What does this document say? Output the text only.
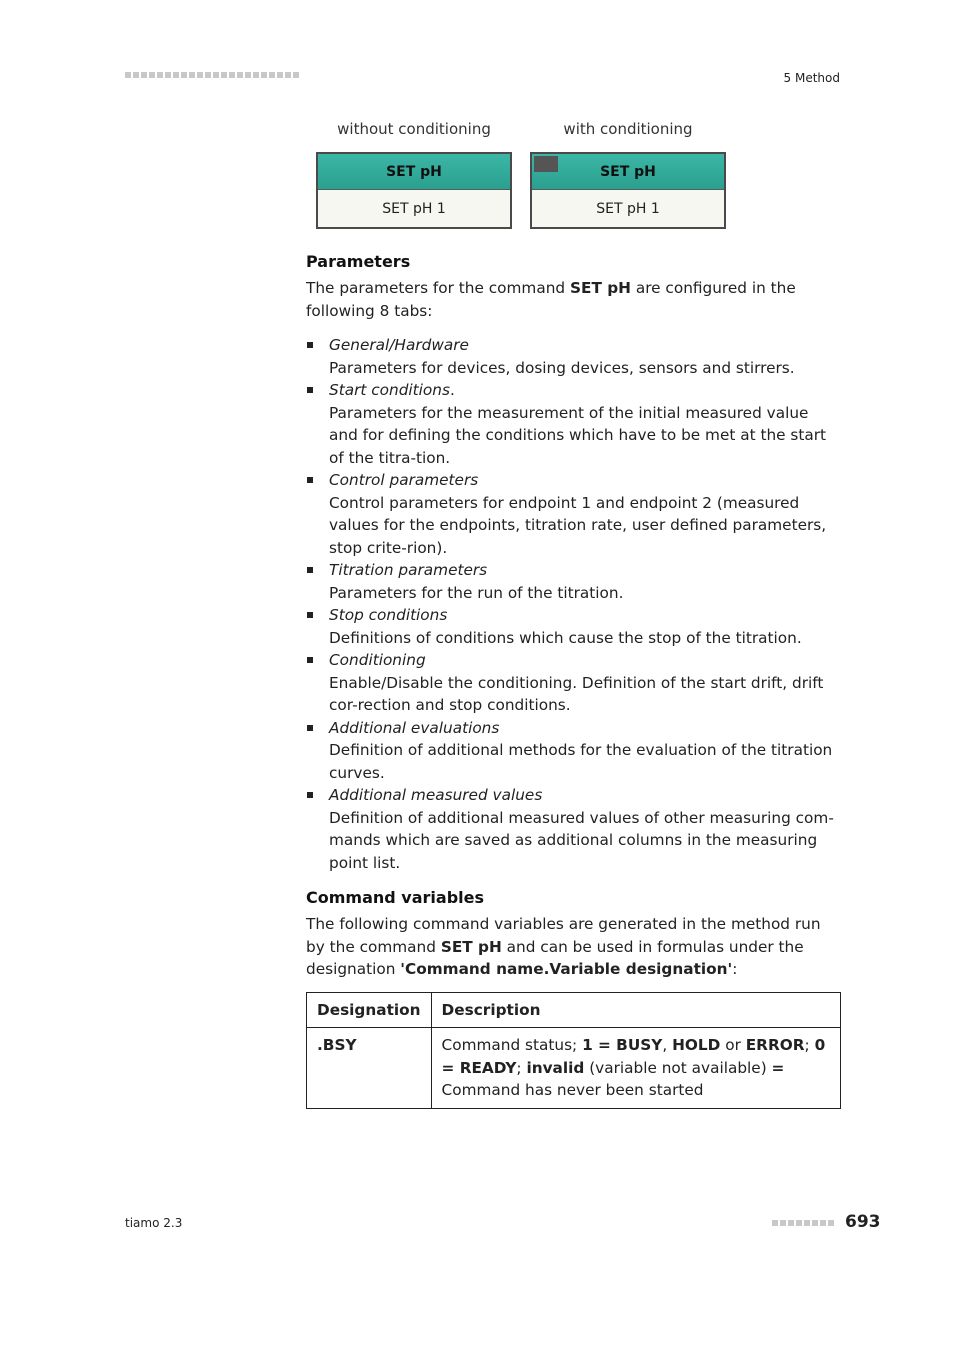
5 Method
without conditioning	with conditioning
SET pH
SET pH 1
SET pH
SET pH 1
Parameters

The parameters for the command SET pH are configured in the following 8 tabs:

General/Hardware
Parameters for devices, dosing devices, sensors and stirrers.
Start conditions.
Parameters for the measurement of the initial measured value and for defining the conditions which have to be met at the start of the titra-tion.
Control parameters
Control parameters for endpoint 1 and endpoint 2 (measured values for the endpoints, titration rate, user defined parameters, stop crite-rion).
Titration parameters
Parameters for the run of the titration.
Stop conditions
Definitions of conditions which cause the stop of the titration.
Conditioning
Enable/Disable the conditioning. Definition of the start drift, drift cor-rection and stop conditions.
Additional evaluations
Definition of additional methods for the evaluation of the titration curves.
Additional measured values
Definition of additional measured values of other measuring com-mands which are saved as additional columns in the measuring point list.
Command variables

The following command variables are generated in the method run by the command SET pH and can be used in formulas under the designation 'Command name.Variable designation':

Designation	Description
.BSY	Command status; 1 = BUSY, HOLD or ERROR; 0 = READY; invalid (variable not available) = Command has never been started
tiamo 2.3	693
